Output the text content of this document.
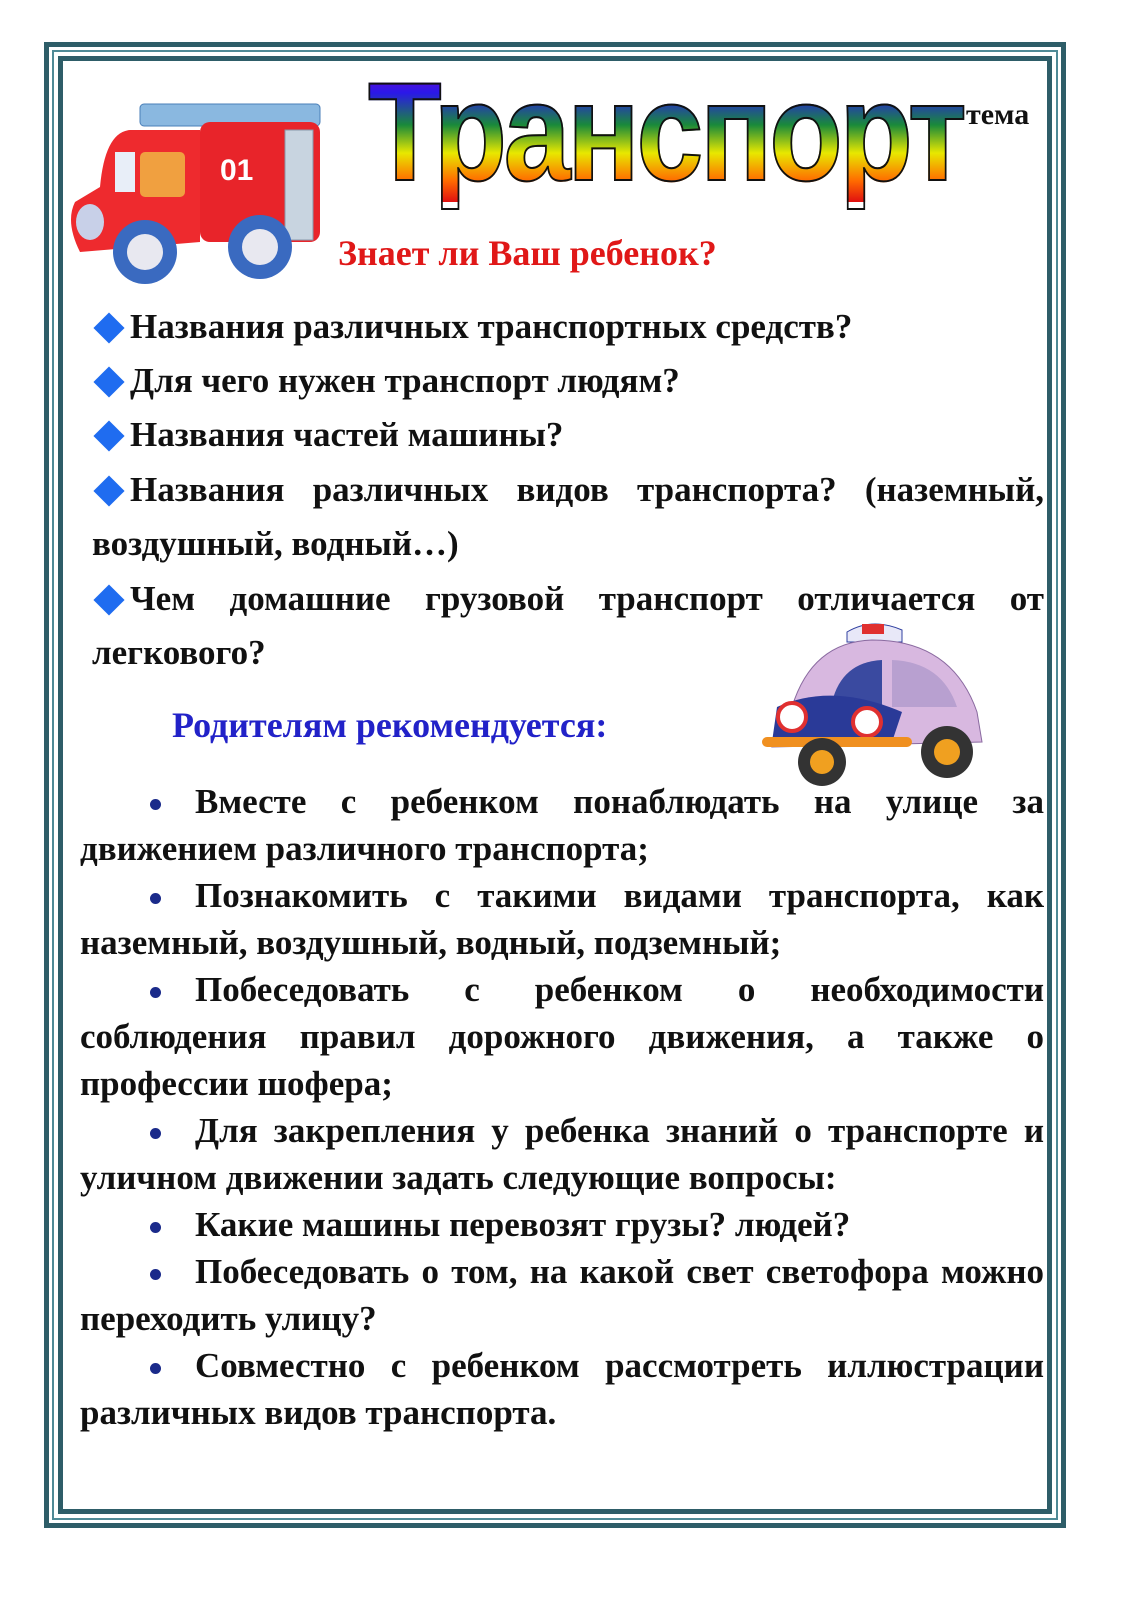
01 Транспорт тема
Знает ли Ваш ребенок?
Названия различных транспортных средств?
Для чего нужен транспорт людям?
Названия частей машины?
Названия различных видов транспорта? (наземный, воздушный, водный…)
Чем домашние грузовой транспорт отличается от легкового?
Родителям рекомендуется:

Вместе с ребенком понаблюдать на улице за движением различного транспорта;

Познакомить с такими видами транспорта, как наземный, воздушный, водный, подземный;

Побеседовать с ребенком о необходимости соблюдения правил дорожного движения, а также о профессии шофера;

Для закрепления у ребенка знаний о транспорте и уличном движении задать следующие вопросы:

Какие машины перевозят грузы? людей?

Побеседовать о том, на какой свет светофора можно переходить улицу?

Совместно с ребенком рассмотреть иллюстрации различных видов транспорта.
